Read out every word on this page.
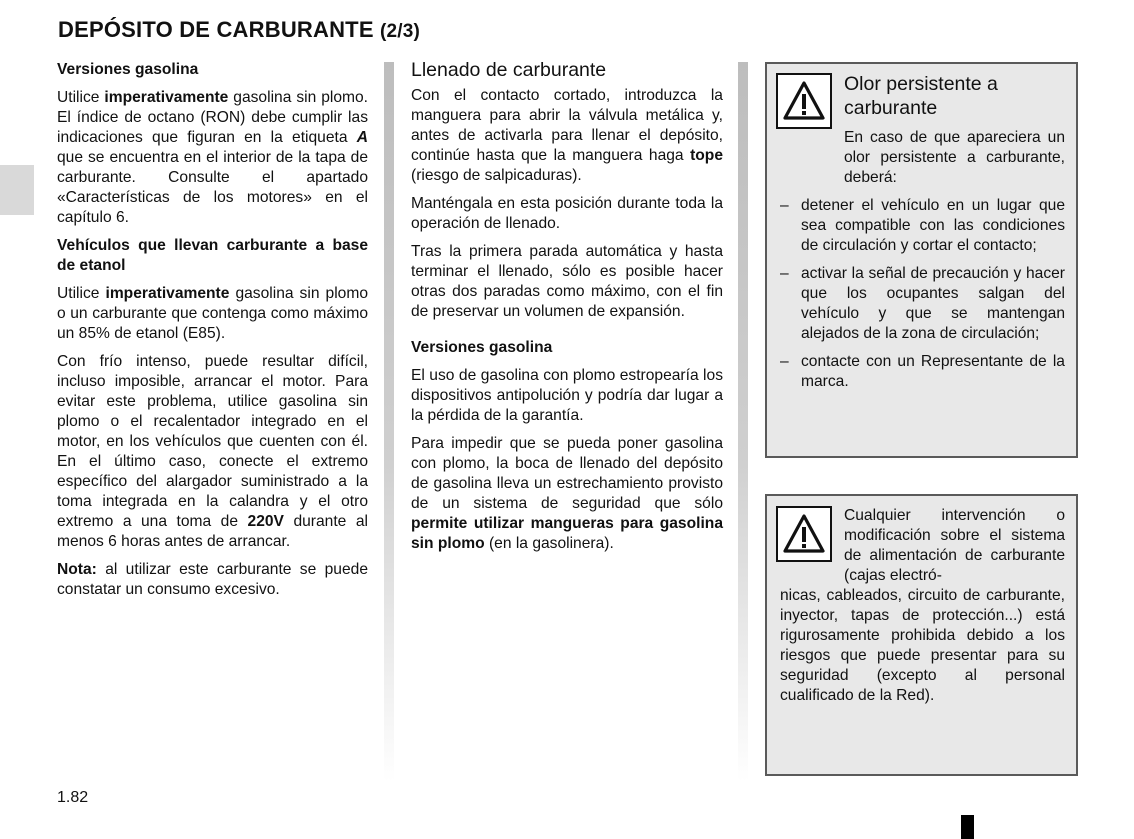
DEPÓSITO DE CARBURANTE (2/3)
Versiones gasolina

Utilice imperativamente gasolina sin plomo. El índice de octano (RON) debe cumplir las indicaciones que figuran en la etiqueta A que se encuentra en el interior de la tapa de carburante. Consulte el apartado «Características de los motores» en el capítulo 6.

Vehículos que llevan carburante a base de etanol

Utilice imperativamente gasolina sin plomo o un carburante que contenga como máximo un 85% de etanol (E85).

Con frío intenso, puede resultar difícil, incluso imposible, arrancar el motor. Para evitar este problema, utilice gasolina sin plomo o el recalentador integrado en el motor, en los vehículos que cuenten con él. En el último caso, conecte el extremo específico del alargador suministrado a la toma integrada en la calandra y el otro extremo a una toma de 220V durante al menos 6 horas antes de arrancar.

Nota: al utilizar este carburante se puede constatar un consumo excesivo.

Llenado de carburante

Con el contacto cortado, introduzca la manguera para abrir la válvula metálica y, antes de activarla para llenar el depósito, continúe hasta que la manguera haga tope (riesgo de salpicaduras).

Manténgala en esta posición durante toda la operación de llenado.

Tras la primera parada automática y hasta terminar el llenado, sólo es posible hacer otras dos paradas como máximo, con el fin de preservar un volumen de expansión.

Versiones gasolina

El uso de gasolina con plomo estropearía los dispositivos antipolución y podría dar lugar a la pérdida de la garantía.

Para impedir que se pueda poner gasolina con plomo, la boca de llenado del depósito de gasolina lleva un estrechamiento provisto de un sistema de seguridad que sólo permite utilizar mangueras para gasolina sin plomo (en la gasolinera).

Olor persistente a carburante
En caso de que apareciera un olor persistente a carburante, deberá:
– detener el vehículo en un lugar que sea compatible con las condiciones de circulación y cortar el contacto;
– activar la señal de precaución y hacer que los ocupantes salgan del vehículo y que se mantengan alejados de la zona de circulación;
– contacte con un Representante de la marca.
Cualquier intervención o modificación sobre el sistema de alimentación de carburante (cajas electró-
nicas, cableados, circuito de carburante, inyector, tapas de protección...) está rigurosamente prohibida debido a los riesgos que puede presentar para su seguridad (excepto al personal cualificado de la Red).
1.82
